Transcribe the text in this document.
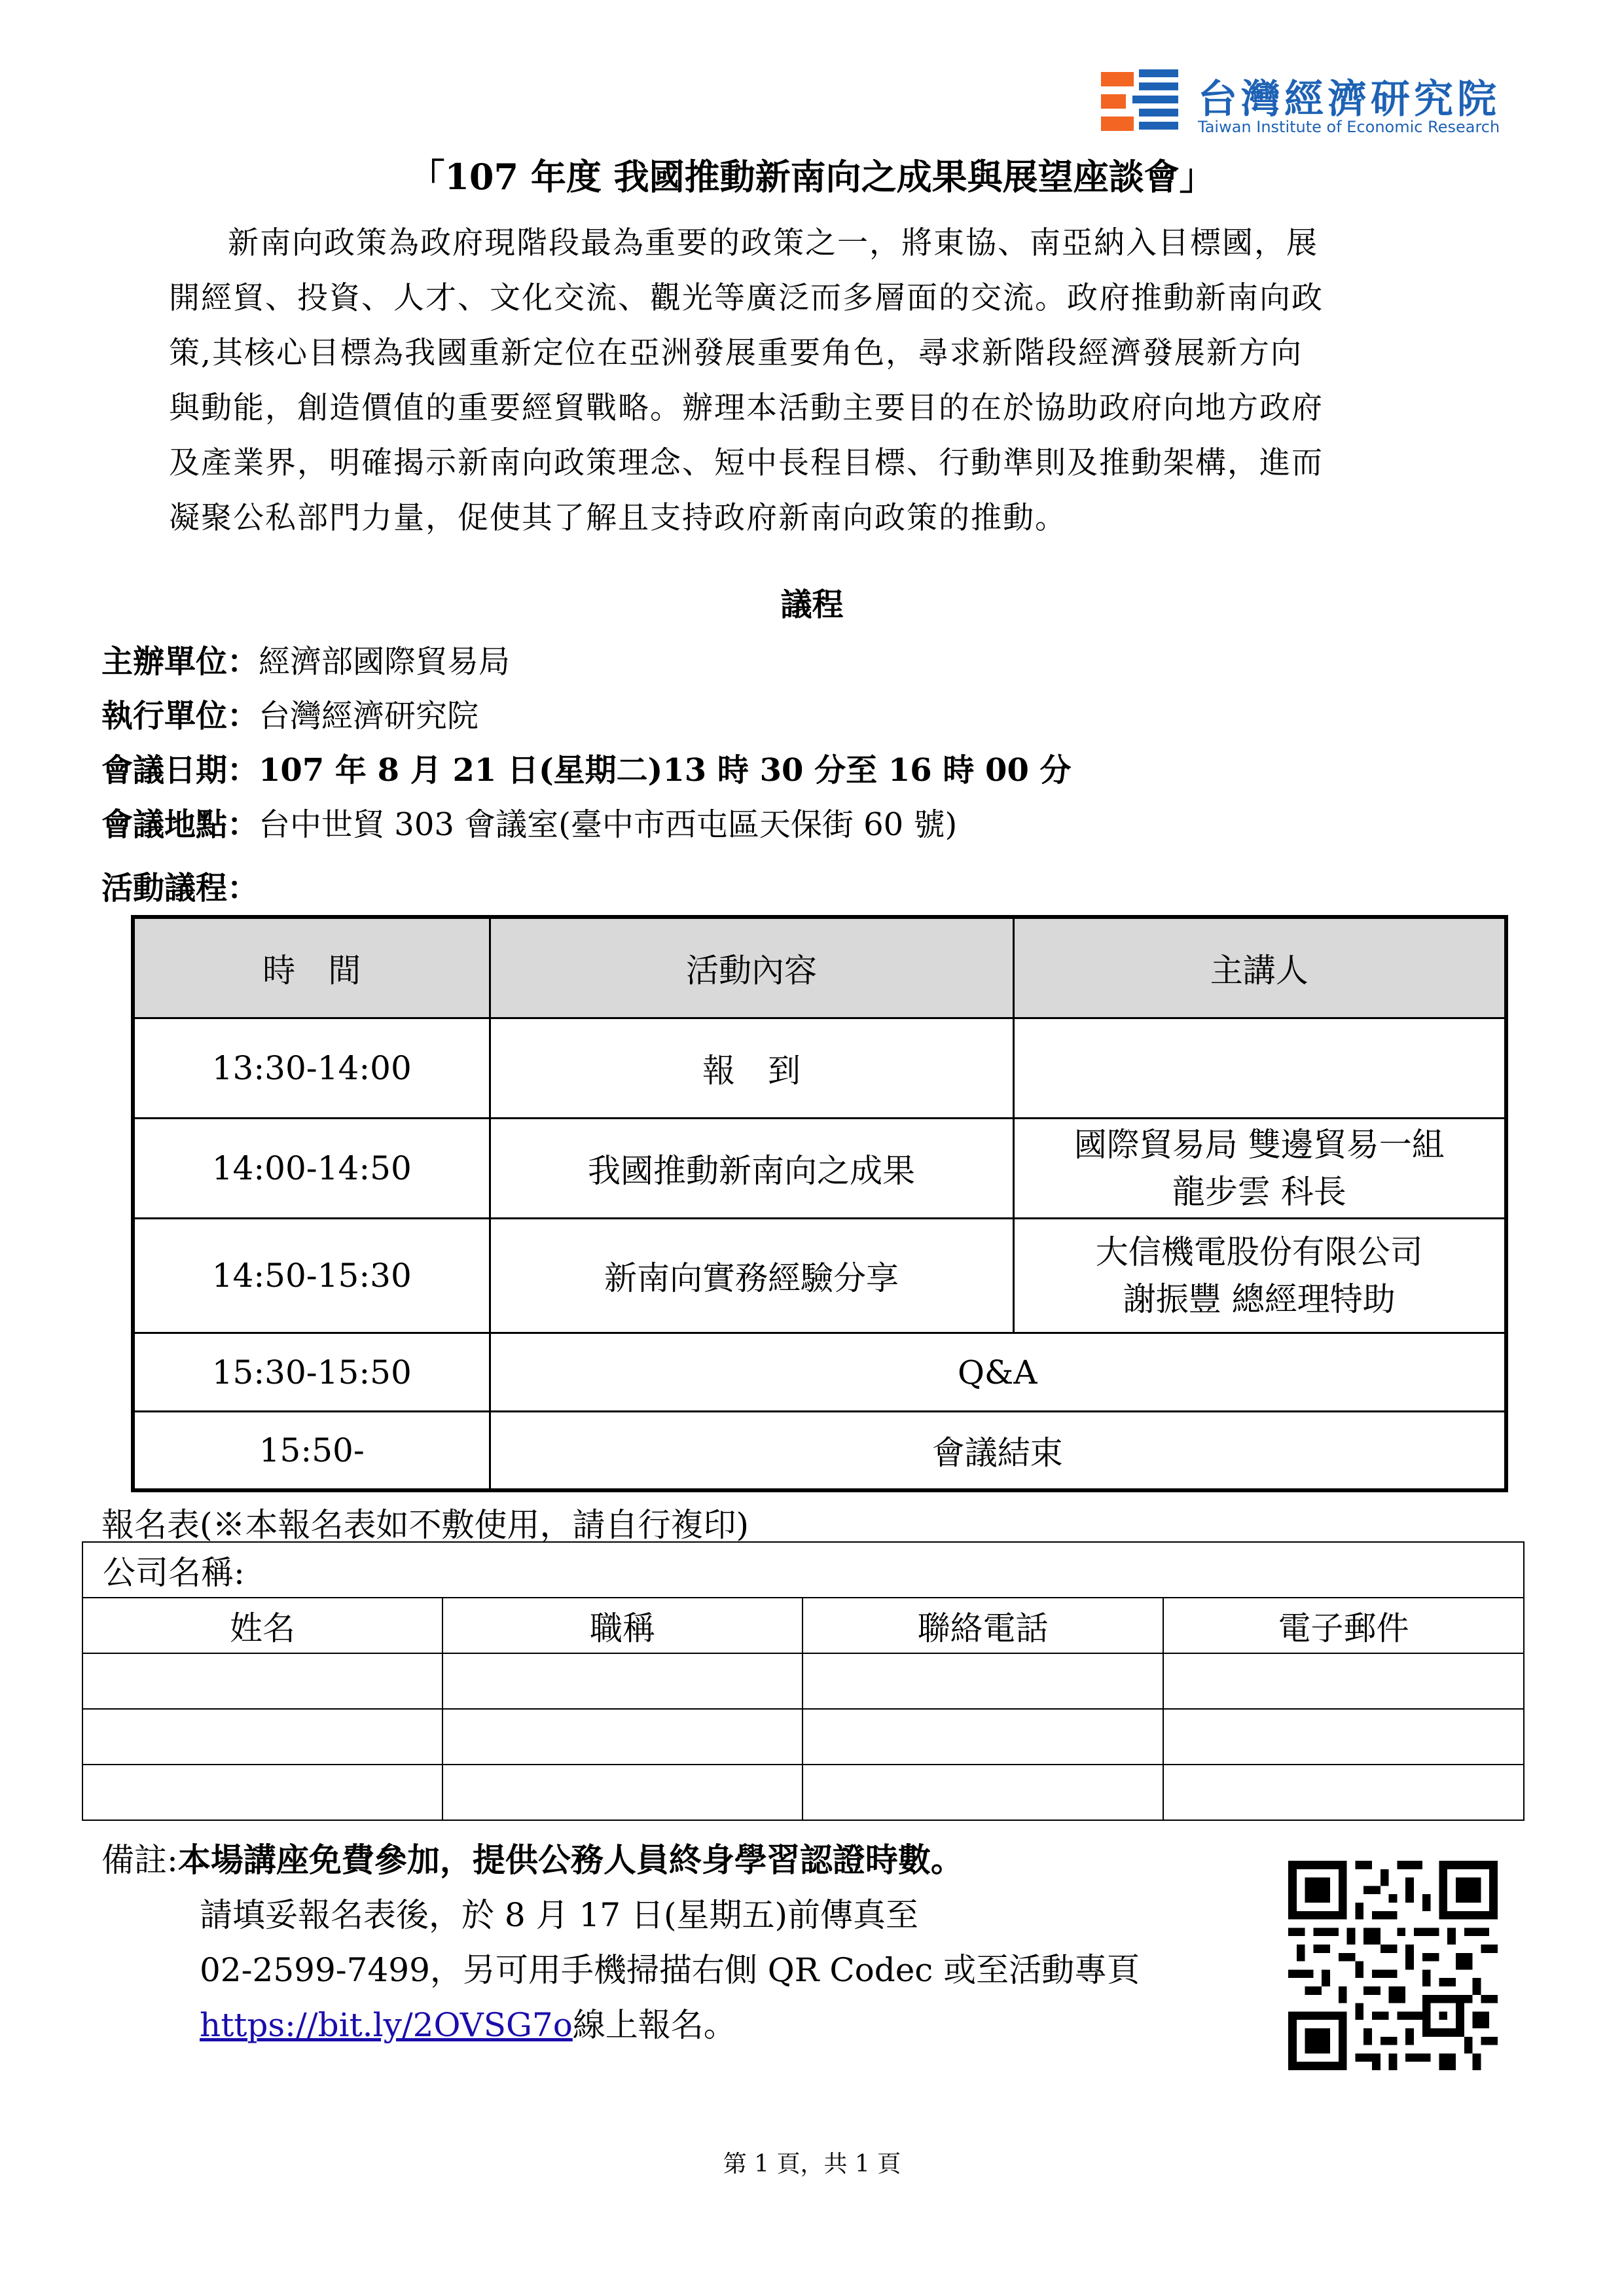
台灣經濟研究院
Taiwan Institute of Economic Research
「107 年度 我國推動新南向之成果與展望座談會」
新南向政策為政府現階段最為重要的政策之一，將東協、南亞納入目標國，展
開經貿、投資、人才、文化交流、觀光等廣泛而多層面的交流。政府推動新南向政
策,其核心目標為我國重新定位在亞洲發展重要角色，尋求新階段經濟發展新方向
與動能，創造價值的重要經貿戰略。辦理本活動主要目的在於協助政府向地方政府
及產業界，明確揭示新南向政策理念、短中長程目標、行動準則及推動架構，進而
凝聚公私部門力量，促使其了解且支持政府新南向政策的推動。
議程
主辦單位：經濟部國際貿易局
執行單位：台灣經濟研究院
會議日期：107 年 8 月 21 日(星期二)13 時 30 分至 16 時 00 分
會議地點：台中世貿 303 會議室(臺中市西屯區天保街 60 號)
活動議程：
時　間	活動內容	主講人
13:30-14:00	報　到	
14:00-14:50	我國推動新南向之成果	國際貿易局 雙邊貿易一組
龍步雲 科長

14:50-15:30	新南向實務經驗分享	大信機電股份有限公司
謝振豐 總經理特助

15:30-15:50	Q&A	
15:50-	會議結束	
報名表(※本報名表如不敷使用，請自行複印)
公司名稱:			
姓名	職稱	聯絡電話	電子郵件

備註:本場講座免費參加，提供公務人員終身學習認證時數。
請填妥報名表後，於 8 月 17 日(星期五)前傳真至
02-2599-7499，另可用手機掃描右側 QR Codec 或至活動專頁
https://bit.ly/2OVSG7o線上報名。
第 1 頁，共 1 頁
